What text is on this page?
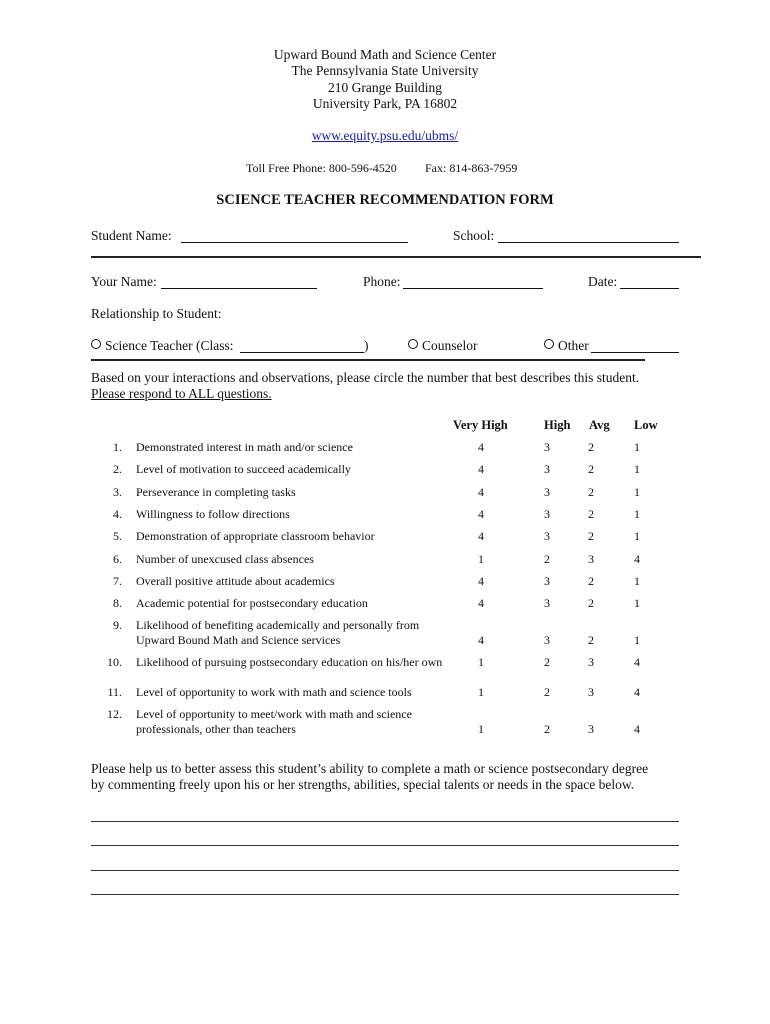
Upward Bound Math and Science Center
The Pennsylvania State University
210 Grange Building
University Park, PA 16802
www.equity.psu.edu/ubms/
Toll Free Phone: 800-596-4520 Fax: 814-863-7959
SCIENCE TEACHER RECOMMENDATION FORM
Student Name:	School:
Your Name:	Phone:	Date:
Relationship to Student:
Science Teacher (Class:	)	Counselor	Other
Based on your interactions and observations, please circle the number that best describes this student.
Please respond to ALL questions.
Very High	High Avg Low
1. Demonstrated interest in math and/or science	4	3	2	1
2. Level of motivation to succeed academically	4	3	2	1
3. Perseverance in completing tasks	4	3	2	1
4. Willingness to follow directions	4	3	2	1
5. Demonstration of appropriate classroom behavior	4	3	2	1
6. Number of unexcused class absences	1	2	3	4
7. Overall positive attitude about academics	4	3	2	1
8. Academic potential for postsecondary education	4	3	2	1
9. Likelihood of benefiting academically and personally from
Upward Bound Math and Science services	4	3	2	1
10. Likelihood of pursuing postsecondary education on his/her own	1	2	3	4
11. Level of opportunity to work with math and science tools	1	2	3	4
12. Level of opportunity to meet/work with math and science
professionals, other than teachers	1	2	3	4
Please help us to better assess this student’s ability to complete a math or science postsecondary degree
by commenting freely upon his or her strengths, abilities, special talents or needs in the space below.
